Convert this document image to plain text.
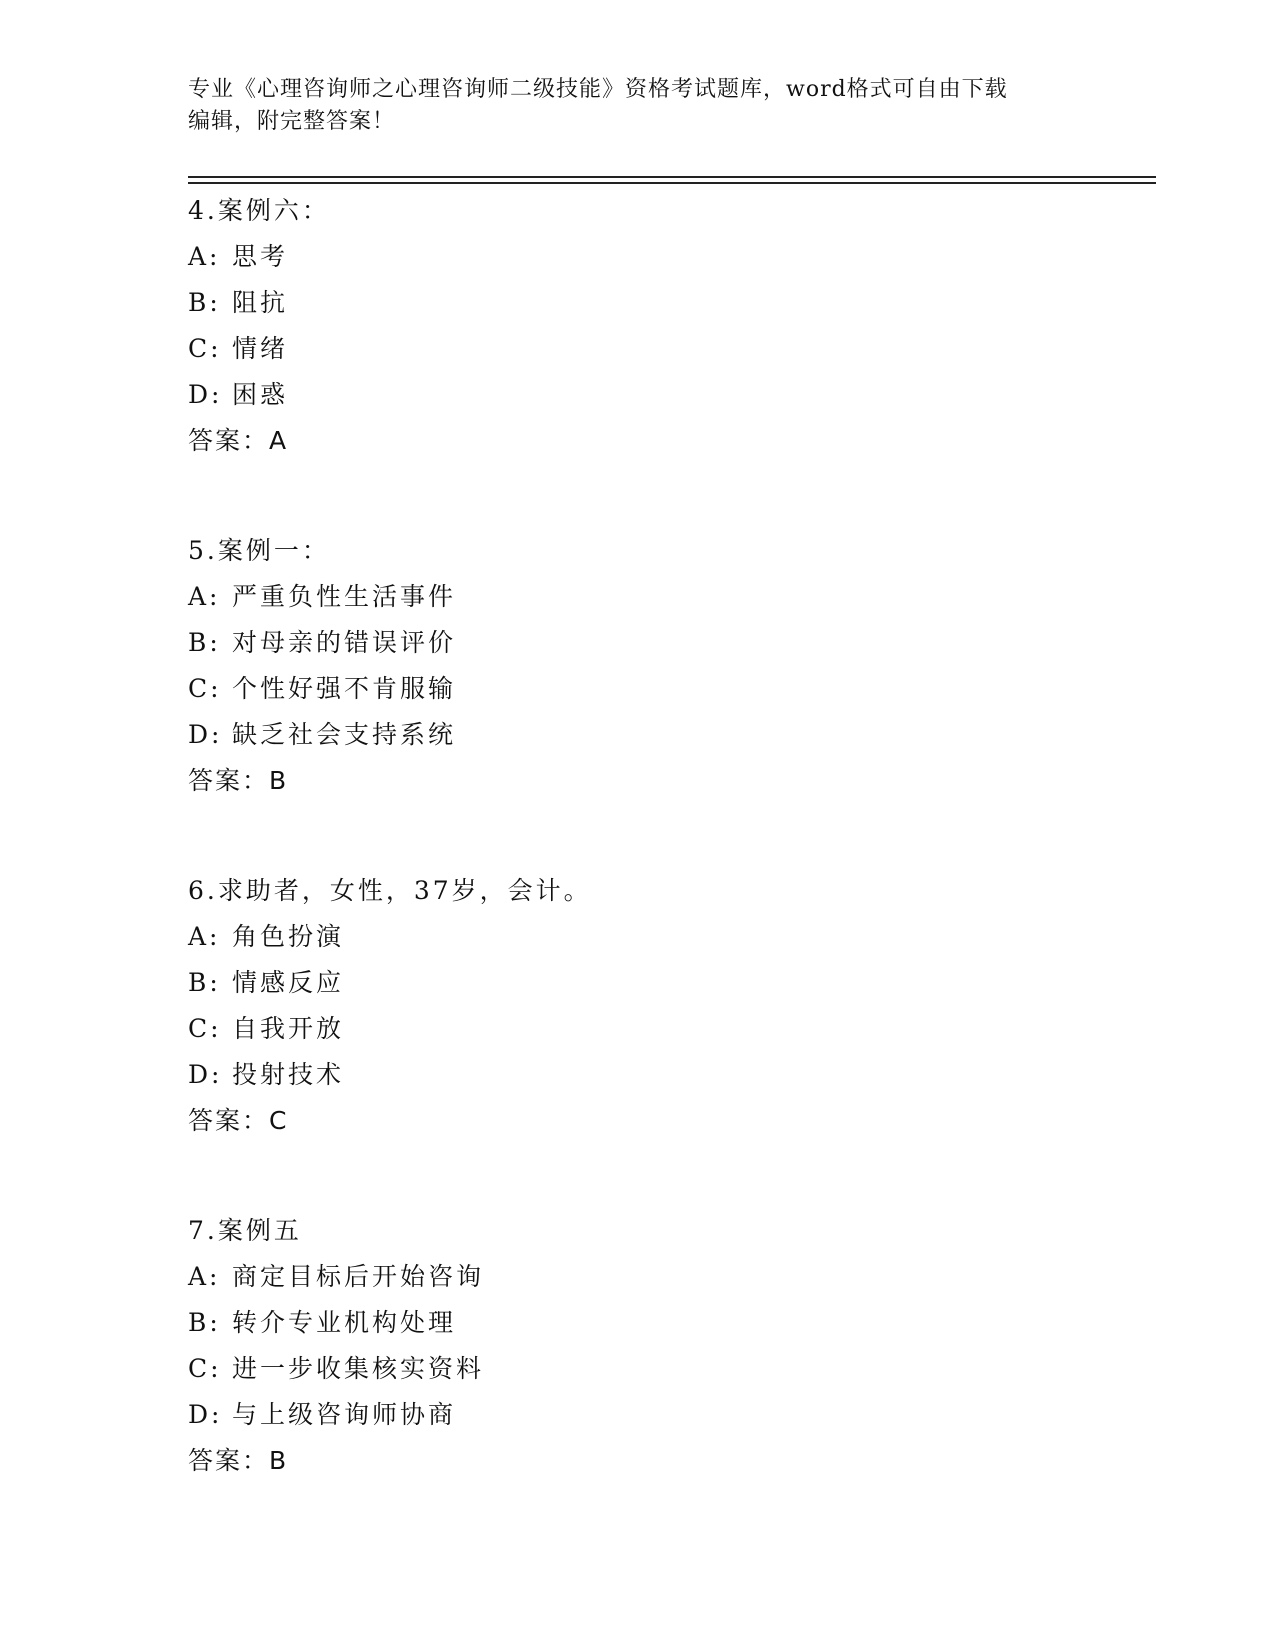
专业《心理咨询师之心理咨询师二级技能》资格考试题库，word格式可自由下载
编辑，附完整答案！
4.案例六：
A: 思考
B: 阻抗
C: 情绪
D: 困惑
答案：A
5.案例一：
A: 严重负性生活事件
B: 对母亲的错误评价
C: 个性好强不肯服输
D: 缺乏社会支持系统
答案：B
6.求助者，女性，37岁，会计。
A: 角色扮演
B: 情感反应
C: 自我开放
D: 投射技术
答案：C
7.案例五
A: 商定目标后开始咨询
B: 转介专业机构处理
C: 进一步收集核实资料
D: 与上级咨询师协商
答案：B
